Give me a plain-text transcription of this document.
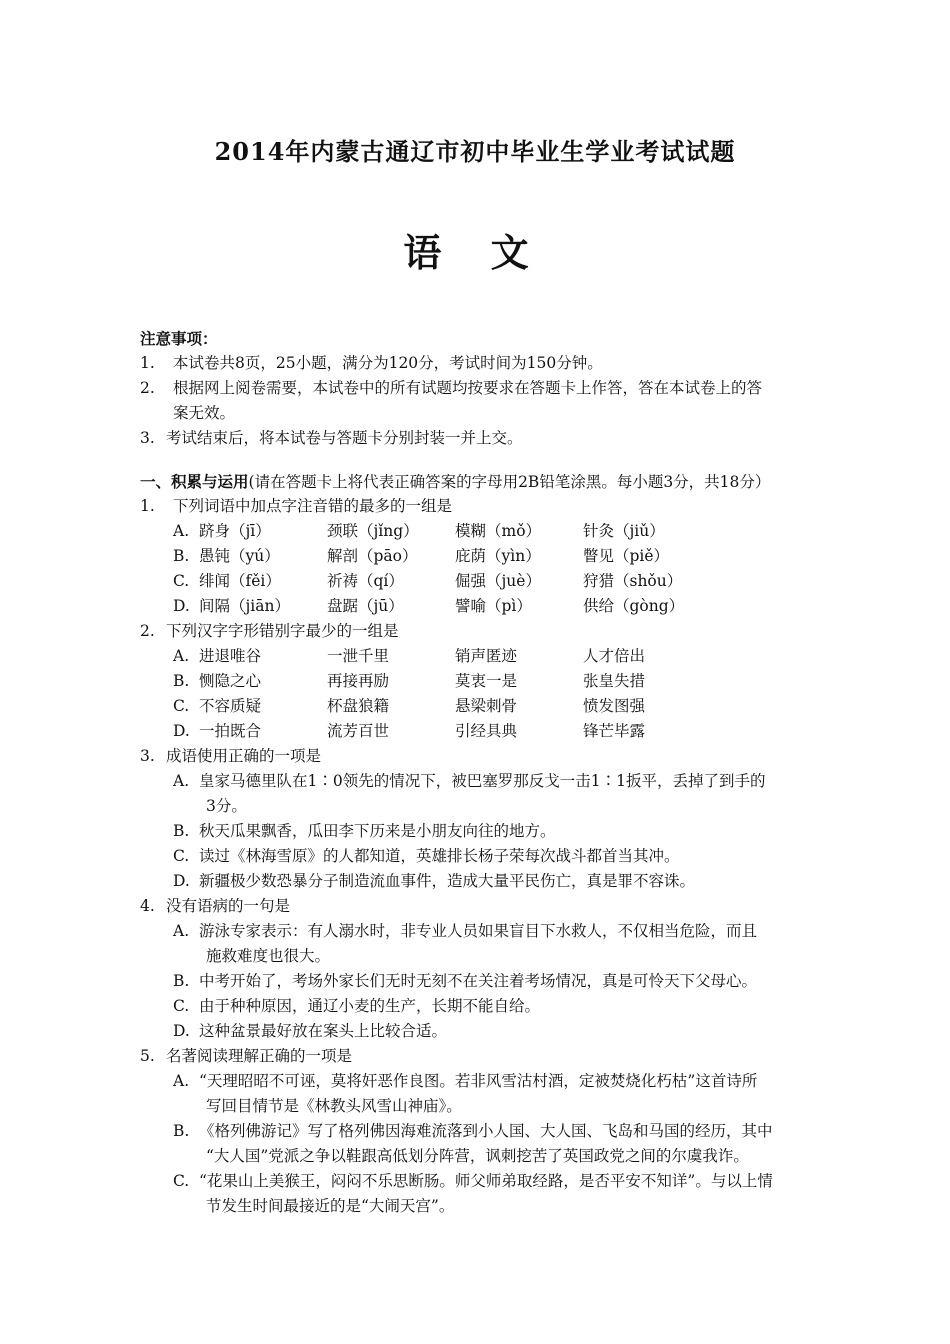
2014年内蒙古通辽市初中毕业生学业考试试题
语 文
注意事项：
1. 本试卷共8页，25小题，满分为120分，考试时间为150分钟。
2. 根据网上阅卷需要，本试卷中的所有试题均按要求在答题卡上作答，答在本试卷上的答
案无效。
3. 考试结束后，将本试卷与答题卡分别封装一并上交。
一、积累与运用(请在答题卡上将代表正确答案的字母用2B铅笔涂黑。每小题3分，共18分）
1. 下列词语中加点字注音错的最多的一组是
A. 跻身（jī）	颈联（jǐng） 模糊（mǒ）	针灸（jiǔ）
B. 愚钝（yú）	解剖（pāo） 庇荫（yìn）	瞥见（piě）
C. 绯闻（fěi）	祈祷（qí）	倔强（juè）	狩猎（shǒu）
D. 间隔（jiān） 盘踞（jū）	譬喻（pì）	供给（gòng）
2. 下列汉字字形错别字最少的一组是
A. 进退唯谷	一泄千里	销声匿迹	人才倍出
B. 恻隐之心	再接再励	莫衷一是	张皇失措
C. 不容质疑	杯盘狼籍	悬梁刺骨	愤发图强
D. 一拍既合	流芳百世	引经具典	锋芒毕露
3. 成语使用正确的一项是
A. 皇家马德里队在1∶0领先的情况下，被巴塞罗那反戈一击1∶1扳平，丢掉了到手的
3分。
B. 秋天瓜果飘香，瓜田李下历来是小朋友向往的地方。
C. 读过《林海雪原》的人都知道，英雄排长杨子荣每次战斗都首当其冲。
D. 新疆极少数恐暴分子制造流血事件，造成大量平民伤亡，真是罪不容诛。
4. 没有语病的一句是
A. 游泳专家表示：有人溺水时，非专业人员如果盲目下水救人，不仅相当危险，而且
施救难度也很大。
B. 中考开始了，考场外家长们无时无刻不在关注着考场情况，真是可怜天下父母心。
C. 由于种种原因，通辽小麦的生产，长期不能自给。
D. 这种盆景最好放在案头上比较合适。
5. 名著阅读理解正确的一项是
A. “天理昭昭不可诬，莫将奸恶作良图。若非风雪沽村酒，定被焚烧化朽枯”这首诗所
写回目情节是《林教头风雪山神庙》。
B. 《格列佛游记》写了格列佛因海难流落到小人国、大人国、飞岛和马国的经历，其中
“大人国”党派之争以鞋跟高低划分阵营，讽刺挖苦了英国政党之间的尔虞我诈。
C. “花果山上美猴王，闷闷不乐思断肠。师父师弟取经路，是否平安不知详”。与以上情
节发生时间最接近的是“大闹天宫”。
